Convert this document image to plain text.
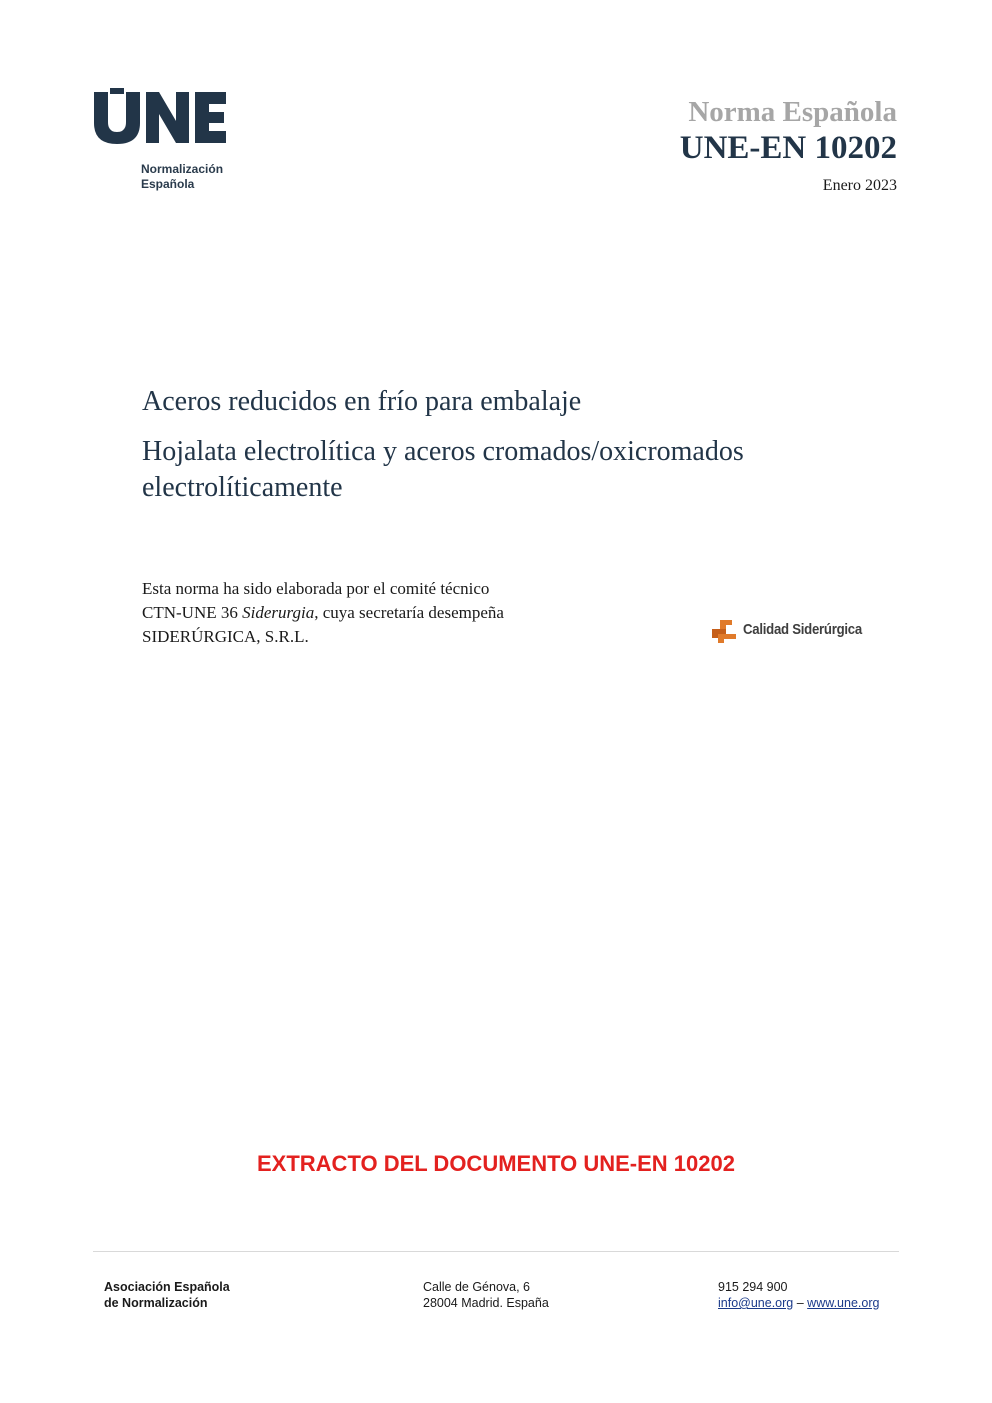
Normalización
Española
Norma Española
UNE-EN 10202
Enero 2023
Aceros reducidos en frío para embalaje
Hojalata electrolítica y aceros cromados/oxicromados electrolíticamente
Esta norma ha sido elaborada por el comité técnico
CTN-UNE 36 Siderurgia, cuya secretaría desempeña
SIDERÚRGICA, S.R.L.	Calidad Siderúrgica
EXTRACTO DEL DOCUMENTO UNE-EN 10202
Asociación Española
de Normalización
Calle de Génova, 6
28004 Madrid. España
915 294 900
info@une.org – www.une.org
